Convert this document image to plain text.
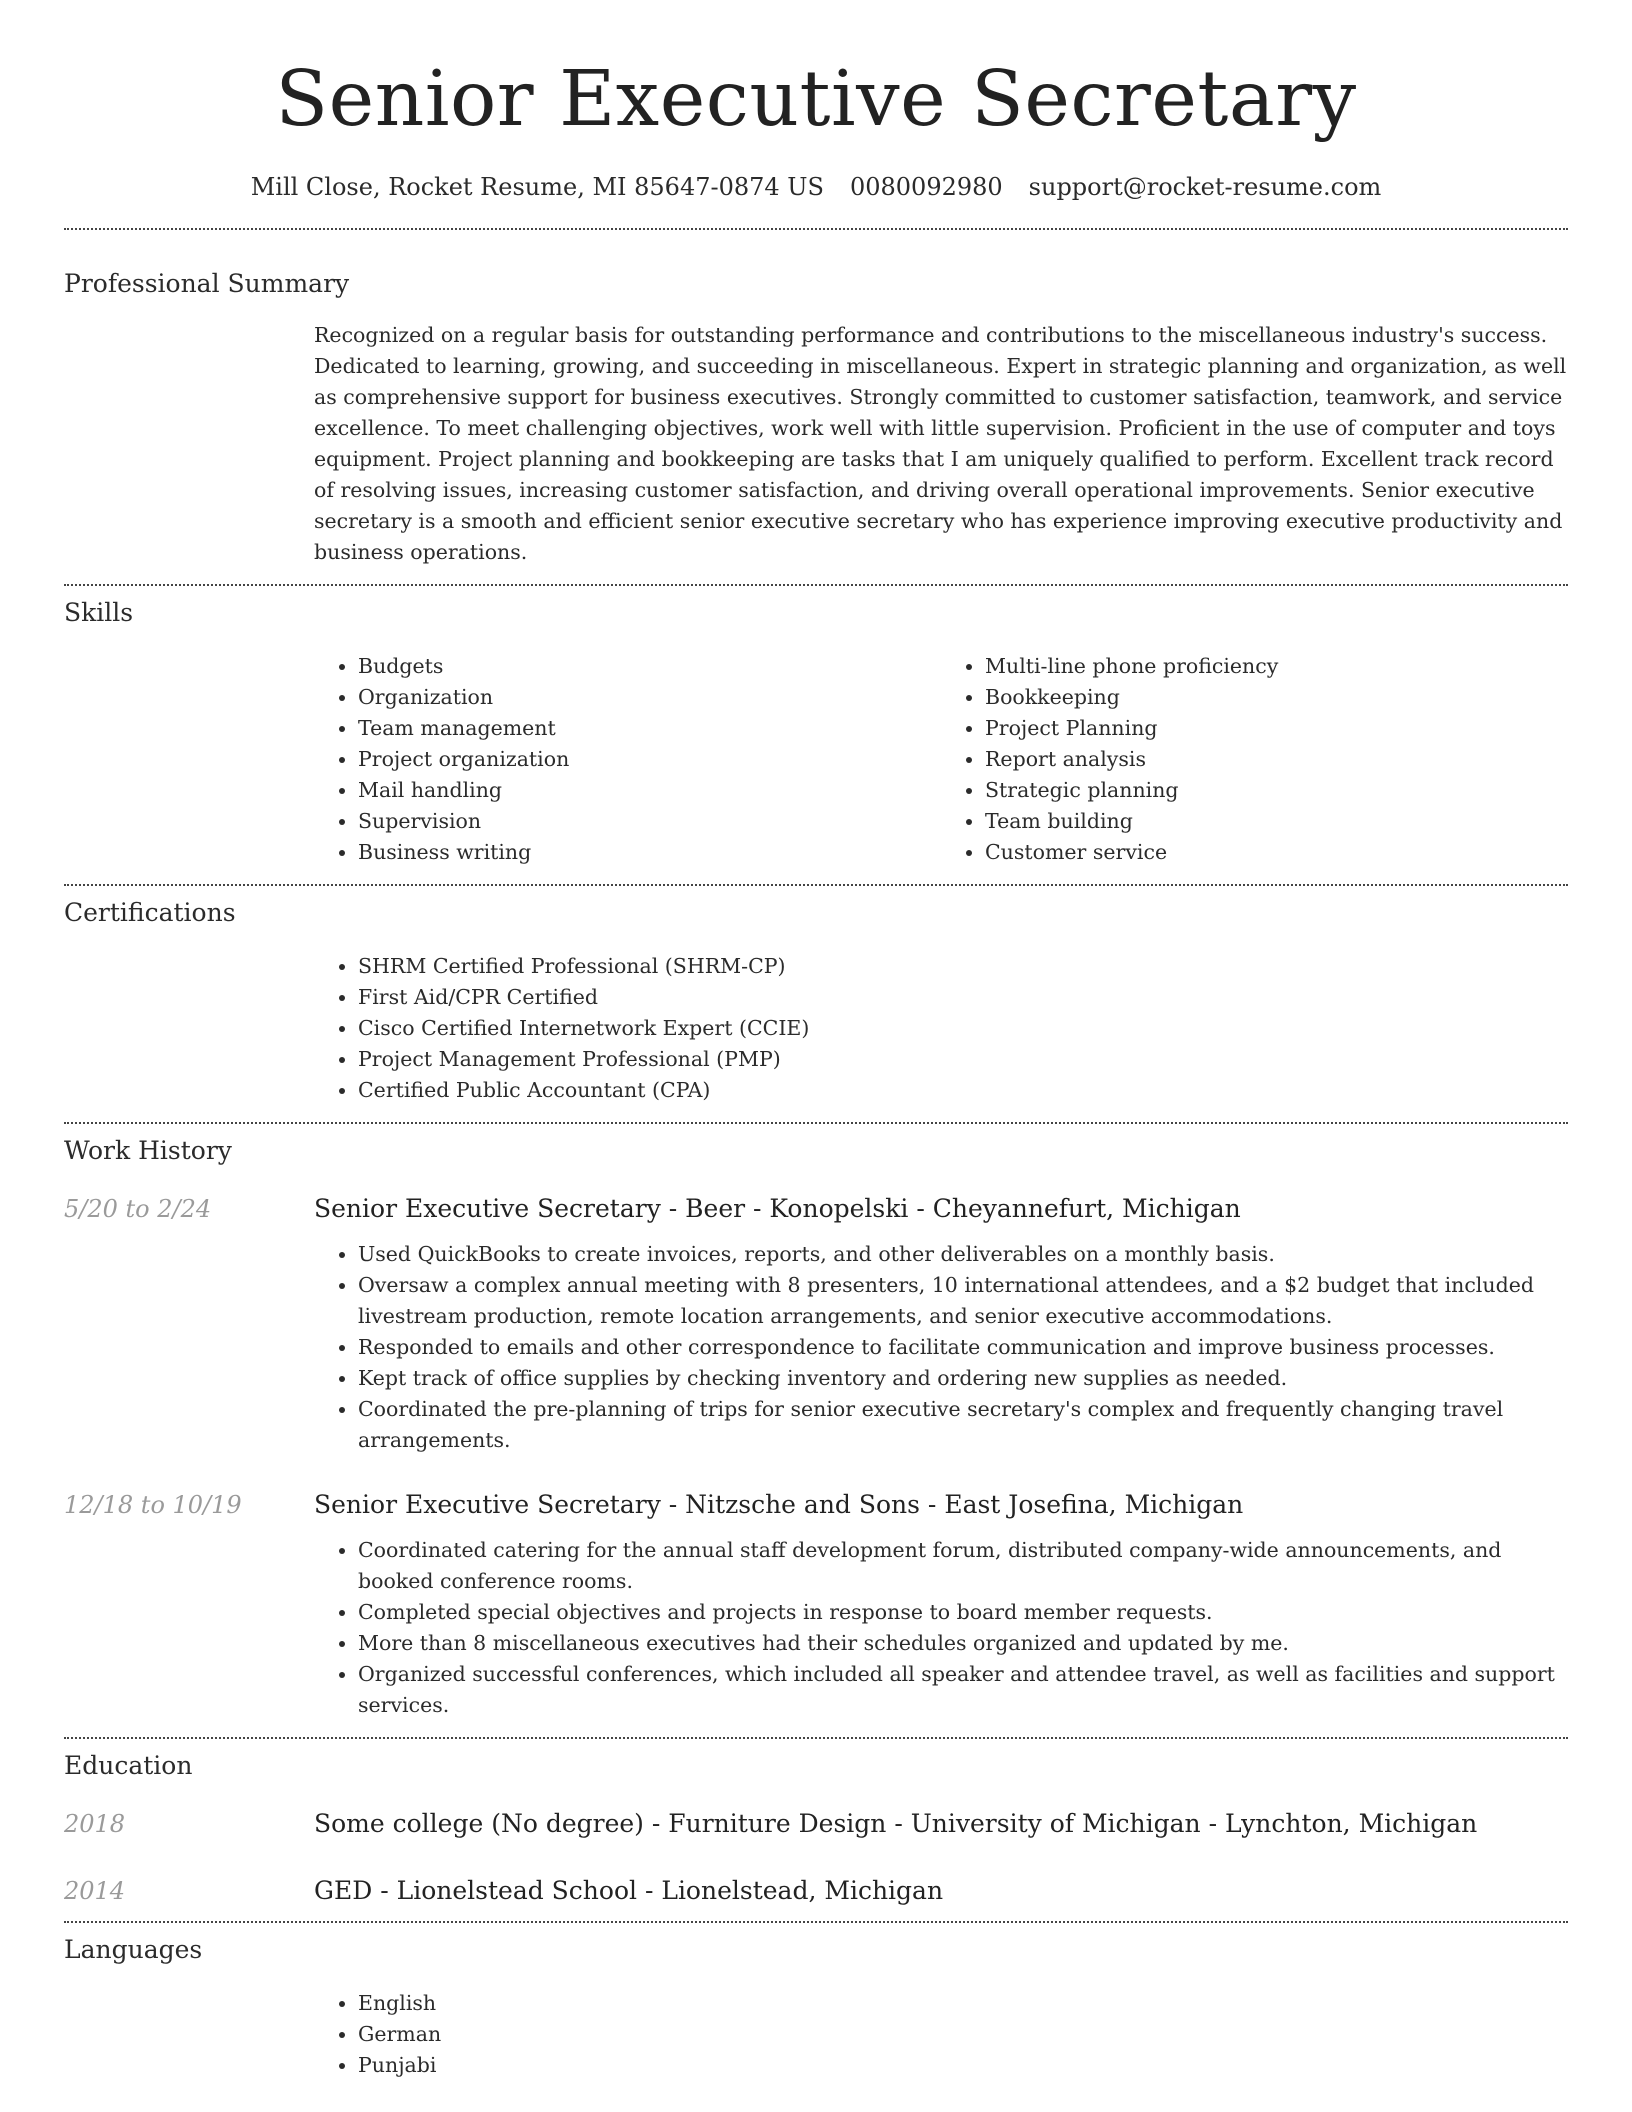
Senior Executive Secretary
Mill Close, Rocket Resume, MI 85647-0874 US 0080092980 support@rocket-resume.com
Professional Summary

Recognized on a regular basis for outstanding performance and contributions to the miscellaneous industry's success. Dedicated to learning, growing, and succeeding in miscellaneous. Expert in strategic planning and organization, as well as comprehensive support for business executives. Strongly committed to customer satisfaction, teamwork, and service excellence. To meet challenging objectives, work well with little supervision. Proficient in the use of computer and toys equipment. Project planning and bookkeeping are tasks that I am uniquely qualified to perform. Excellent track record of resolving issues, increasing customer satisfaction, and driving overall operational improvements. Senior executive secretary is a smooth and efficient senior executive secretary who has experience improving executive productivity and business operations.

Skills
• Budgets
• Organization
• Team management
• Project organization
• Mail handling
• Supervision
• Business writing
• Multi-line phone proficiency
• Bookkeeping
• Project Planning
• Report analysis
• Strategic planning
• Team building
• Customer service
Certifications
• SHRM Certified Professional (SHRM-CP)
• First Aid/CPR Certified
• Cisco Certified Internetwork Expert (CCIE)
• Project Management Professional (PMP)
• Certified Public Accountant (CPA)
Work History
5/20 to 2/24	Senior Executive Secretary - Beer - Konopelski - Cheyannefurt, Michigan
• Used QuickBooks to create invoices, reports, and other deliverables on a monthly basis.
• Oversaw a complex annual meeting with 8 presenters, 10 international attendees, and a $2 budget that included livestream production, remote location arrangements, and senior executive accommodations.
• Responded to emails and other correspondence to facilitate communication and improve business processes.
• Kept track of office supplies by checking inventory and ordering new supplies as needed.
• Coordinated the pre-planning of trips for senior executive secretary's complex and frequently changing travel arrangements.
12/18 to 10/19	Senior Executive Secretary - Nitzsche and Sons - East Josefina, Michigan
• Coordinated catering for the annual staff development forum, distributed company-wide announcements, and booked conference rooms.
• Completed special objectives and projects in response to board member requests.
• More than 8 miscellaneous executives had their schedules organized and updated by me.
• Organized successful conferences, which included all speaker and attendee travel, as well as facilities and support services.
Education
2018	Some college (No degree) - Furniture Design - University of Michigan - Lynchton, Michigan
2014	GED - Lionelstead School - Lionelstead, Michigan
Languages
• English
• German
• Punjabi
